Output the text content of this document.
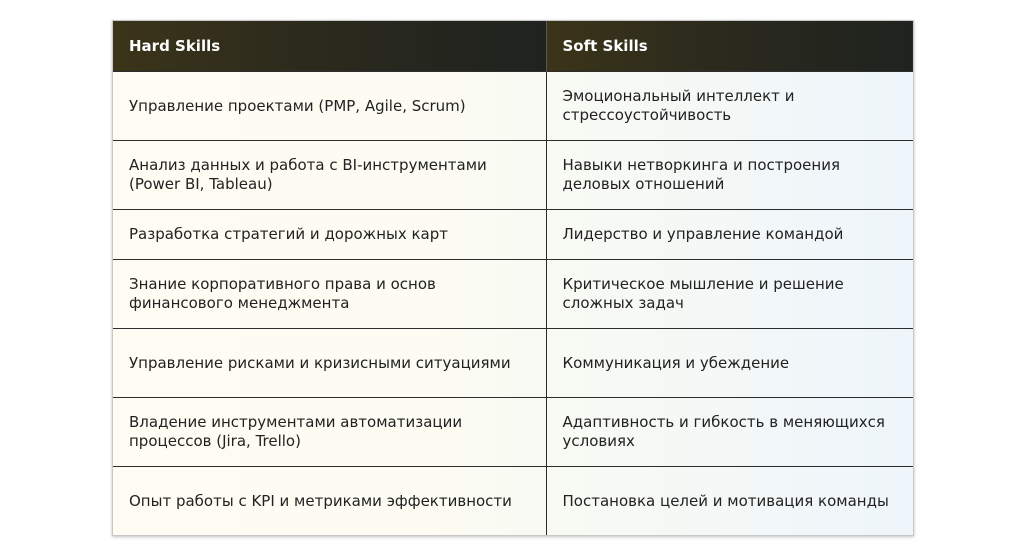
Hard Skills	Soft Skills
Управление проектами (PMP, Agile, Scrum)	Эмоциональный интеллект и стрессоустойчивость
Анализ данных и работа с BI-инструментами (Power BI, Tableau)	Навыки нетворкинга и построения деловых отношений
Разработка стратегий и дорожных карт	Лидерство и управление командой
Знание корпоративного права и основ финансового менеджмента	Критическое мышление и решение сложных задач
Управление рисками и кризисными ситуациями	Коммуникация и убеждение
Владение инструментами автоматизации процессов (Jira, Trello)	Адаптивность и гибкость в меняющихся условиях
Опыт работы с KPI и метриками эффективности	Постановка целей и мотивация команды
